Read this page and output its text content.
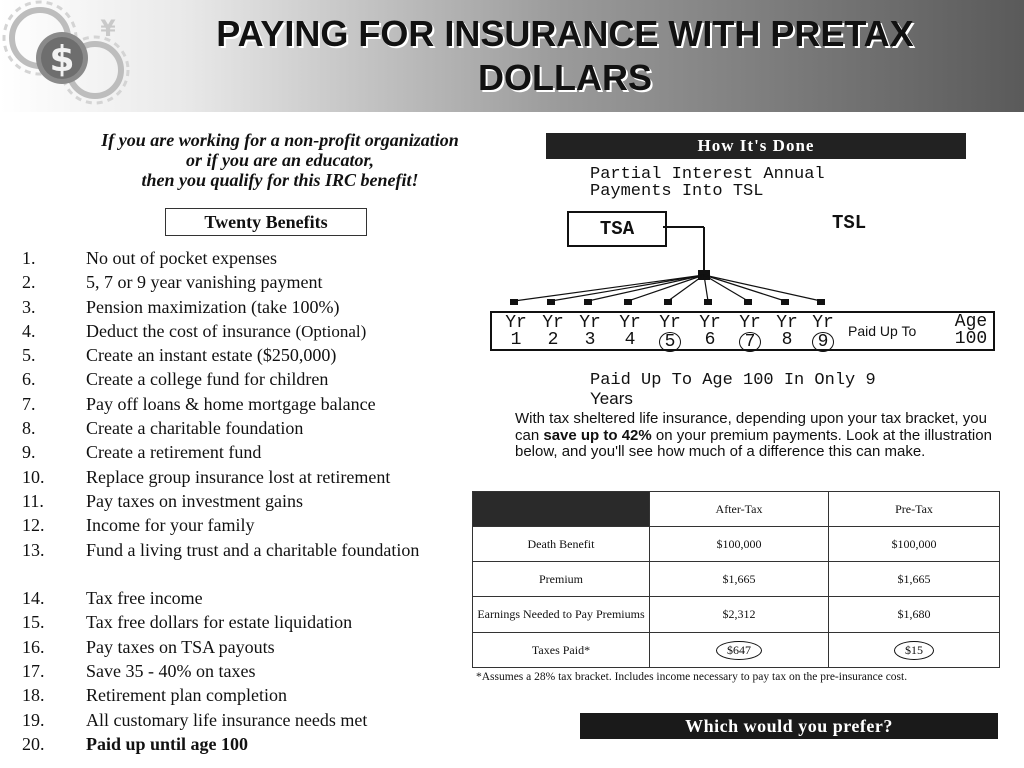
$
¥	PAYING FOR INSURANCE WITH PRETAX
DOLLARS
If you are working for a non-profit organization
or if you are an educator,
then you qualify for this IRC benefit!
Twenty Benefits
1.	No out of pocket expenses
2.	5, 7 or 9 year vanishing payment
3.	Pension maximization (take 100%)
4.	Deduct the cost of insurance (Optional)
5.	Create an instant estate ($250,000)
6.	Create a college fund for children
7.	Pay off loans & home mortgage balance
8.	Create a charitable foundation
9.	Create a retirement fund
10. Replace group insurance lost at retirement
11. Pay taxes on investment gains
12. Income for your family
13. Fund a living trust and a charitable foundation
14. Tax free income
15. Tax free dollars for estate liquidation
16. Pay taxes on TSA payouts
17. Save 35 - 40% on taxes
18. Retirement plan completion
19. All customary life insurance needs met
20. Paid up until age 100
How It's Done
Partial Interest Annual
Payments Into TSL
TSA	TSL
Yr
1
Yr
2
Yr
3
Yr
4
Yr
5
Yr
6
Yr
7
Yr
8
Yr
9
Paid Up To	Age
100
Paid Up To Age 100 In Only 9
Years
With tax sheltered life insurance, depending upon your tax bracket, you can save up to 42% on your premium payments. Look at the illustration below, and you'll see how much of a difference this can make.
	After-Tax	Pre-Tax
Death Benefit	$100,000	$100,000
Premium	$1,665	$1,665
Earnings Needed to Pay Premiums	$2,312	$1,680
Taxes Paid*	$647	$15
*Assumes a 28% tax bracket. Includes income necessary to pay tax on the pre-insurance cost.
Which would you prefer?
